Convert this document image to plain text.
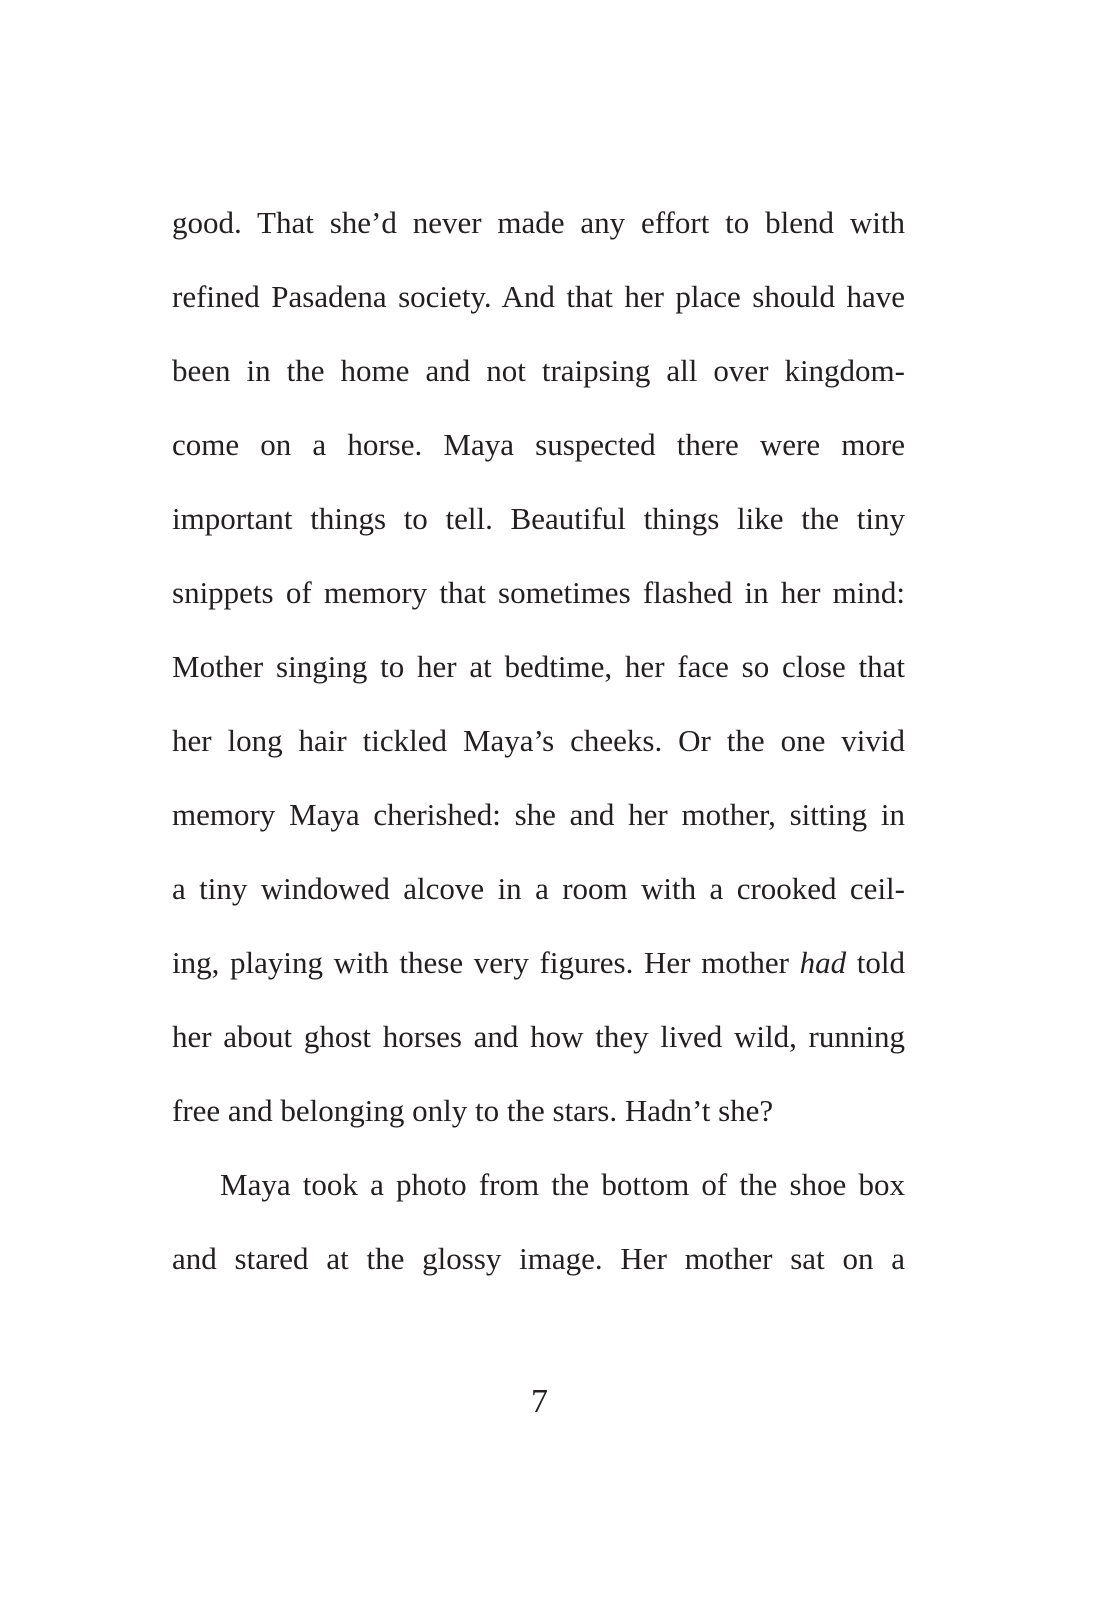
good. That she’d never made any effort to blend with
refined Pasadena society. And that her place should have
been in the home and not traipsing all over kingdom-
come on a horse. Maya suspected there were more
important things to tell. Beautiful things like the tiny
snippets of memory that sometimes flashed in her mind:
Mother singing to her at bedtime, her face so close that
her long hair tickled Maya’s cheeks. Or the one vivid
memory Maya cherished: she and her mother, sitting in
a tiny windowed alcove in a room with a crooked ceil-
ing, playing with these very figures. Her mother had told
her about ghost horses and how they lived wild, running
free and belonging only to the stars. Hadn’t she?
Maya took a photo from the bottom of the shoe box
and stared at the glossy image. Her mother sat on a
7
